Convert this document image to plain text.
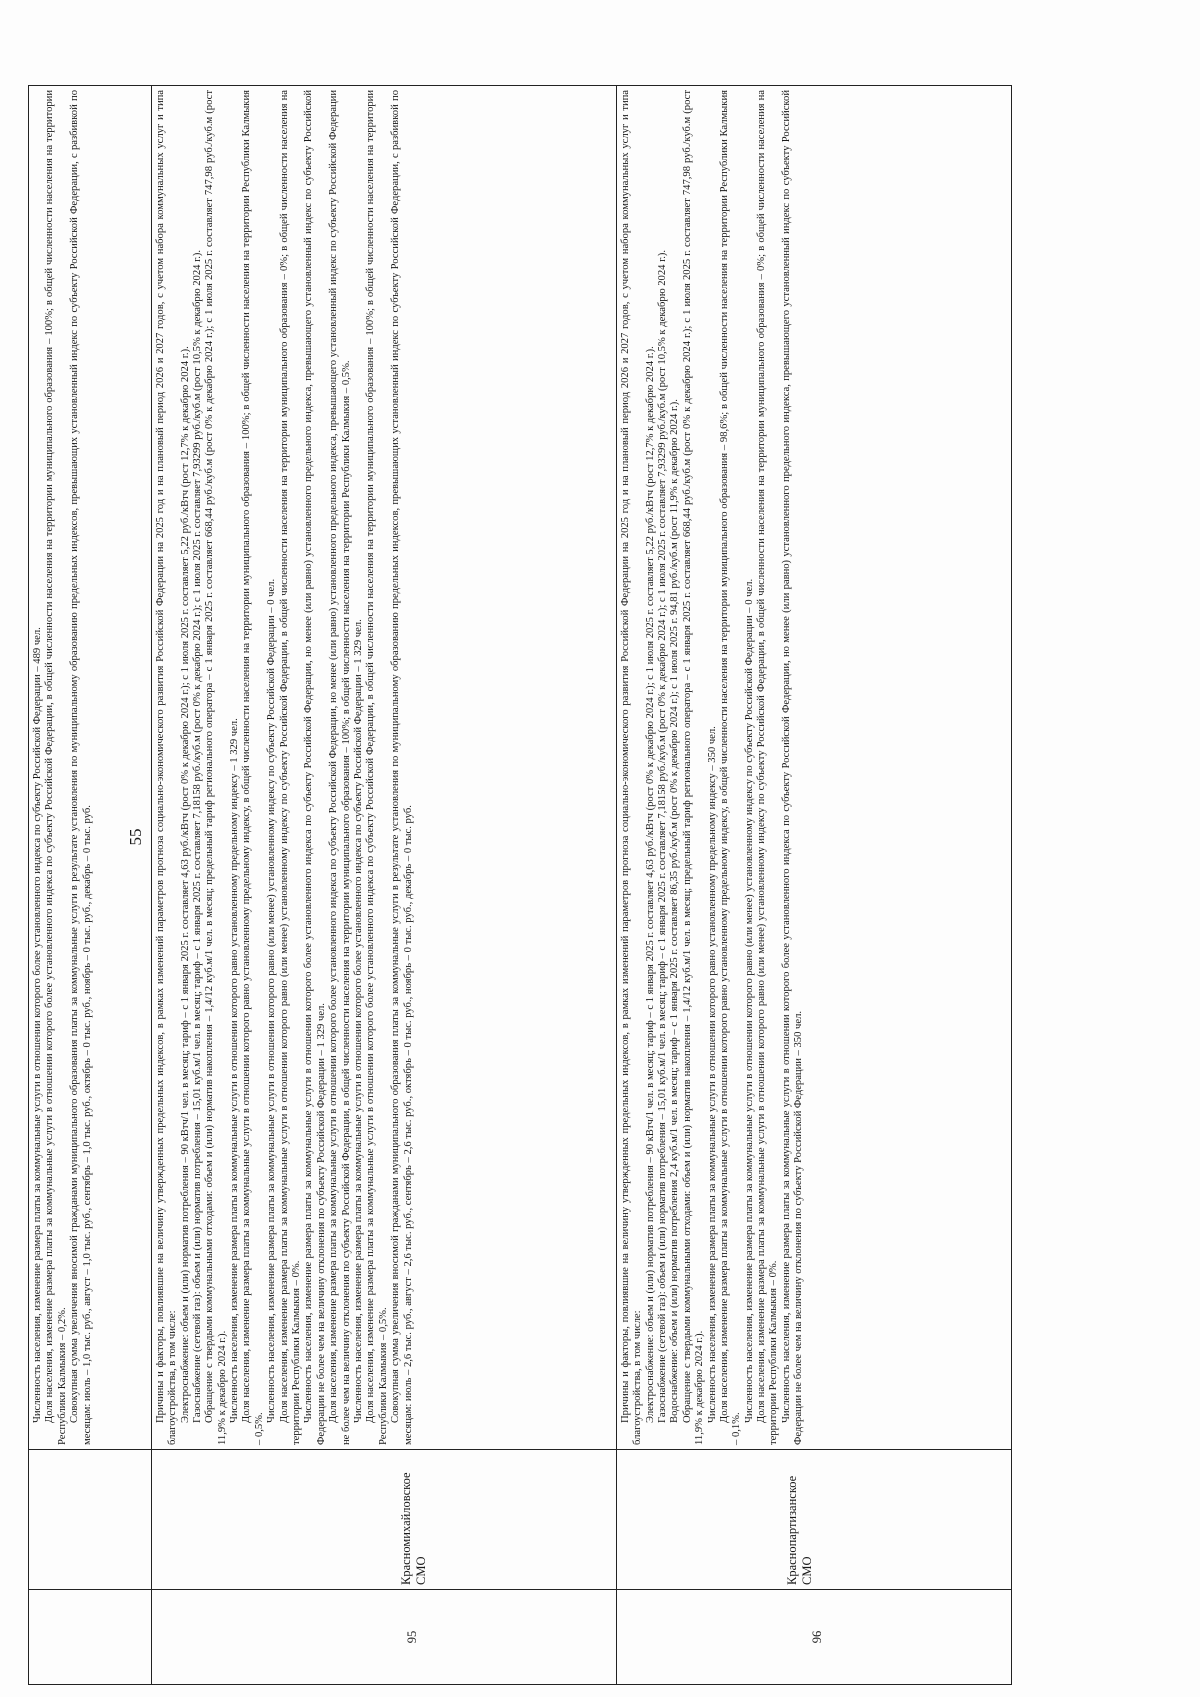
55

Численность населения, изменение размера платы за коммунальные услуги в отношении которого более установленного индекса по субъекту Российской Федерации – 489 чел. Доля населения, изменение размера платы за коммунальные услуги в отношении которого более установленного индекса по субъекту Российской Федерации, в общей численности населения на территории муниципального образования – 100%; в общей численности населения на территории Республики Калмыкия – 0,2%. Совокупная сумма увеличения вносимой гражданами муниципального образования платы за коммунальные услуги в результате установления по муниципальному образованию предельных индексов, превышающих установленный индекс по субъекту Российской Федерации, с разбивкой по месяцам: июль – 1,0 тыс. руб., август – 1,0 тыс. руб., сентябрь – 1,0 тыс. руб., октябрь – 0 тыс. руб., ноябрь – 0 тыс. руб., декабрь – 0 тыс. руб.

95
Красномихайловское СМО

Причины и факторы, повлиявшие на величину утвержденных предельных индексов, в рамках изменений параметров прогноза социально-экономического развития Российской Федерации на 2025 год и на плановый период 2026 и 2027 годов, с учетом набора коммунальных услуг и типа благоустройства, в том числе: Электроснабжение: объем и (или) норматив потребления – 90 кВтч/1 чел. в месяц; тариф – с 1 января 2025 г. составляет 4,63 руб./кВтч (рост 0% к декабрю 2024 г.); с 1 июля 2025 г. составляет 5,22 руб./кВтч (рост 12,7% к декабрю 2024 г.). Газоснабжение (сетевой газ): объем и (или) норматив потребления – 15,01 куб.м/1 чел. в месяц; тариф – с 1 января 2025 г. составляет 7,18158 руб./куб.м (рост 0% к декабрю 2024 г.); с 1 июля 2025 г. составляет 7,93299 руб./куб.м (рост 10,5% к декабрю 2024 г.). Обращение с твердыми коммунальными отходами: объем и (или) норматив накопления – 1,4/12 куб.м/1 чел. в месяц; предельный тариф регионального оператора – с 1 января 2025 г. составляет 668,44 руб./куб.м (рост 0% к декабрю 2024 г.); с 1 июля 2025 г. составляет 747,98 руб./куб.м (рост 11,9% к декабрю 2024 г.). Численность населения, изменение размера платы за коммунальные услуги в отношении которого равно установленному предельному индексу – 1 329 чел. Доля населения, изменение размера платы за коммунальные услуги в отношении которого равно установленному предельному индексу, в общей численности населения на территории муниципального образования – 100%; в общей численности населения на территории Республики Калмыкия – 0,5%.

Численность населения, изменение размера платы за коммунальные услуги в отношении которого равно (или менее) установленному индексу по субъекту Российской Федерации – 0 чел. Доля населения, изменение размера платы за коммунальные услуги в отношении которого равно (или менее) установленному индексу по субъекту Российской Федерации, в общей численности населения на территории муниципального образования – 0%; в общей численности населения на территории Республики Калмыкия – 0%. Численность населения, изменение размера платы за коммунальные услуги в отношении которого более установленного индекса по субъекту Российской Федерации, но менее (или равно) установленного предельного индекса, превышающего установленный индекс по субъекту Российской Федерации не более чем на величину отклонения по субъекту Российской Федерации – 1 329 чел. Доля населения, изменение размера платы за коммунальные услуги в отношении которого более установленного индекса по субъекту Российской Федерации, но менее (или равно) установленного предельного индекса, превышающего установленный индекс по субъекту Российской Федерации не более чем на величину отклонения по субъекту Российской Федерации, в общей численности населения на территории муниципального образования – 100%; в общей численности населения на территории Республики Калмыкия – 0,5%. Численность населения, изменение размера платы за коммунальные услуги в отношении которого более установленного индекса по субъекту Российской Федерации – 1 329 чел. Доля населения, изменение размера платы за коммунальные услуги в отношении которого более установленного индекса по субъекту Российской Федерации, в общей численности населения на территории муниципального образования – 100%; в общей численности населения на территории Республики Калмыкия – 0,5%. Совокупная сумма увеличения вносимой гражданами муниципального образования платы за коммунальные услуги в результате установления по муниципальному образованию предельных индексов, превышающих установленный индекс по субъекту Российской Федерации, с разбивкой по месяцам: июль – 2,6 тыс. руб., август – 2,6 тыс. руб., сентябрь – 2,6 тыс. руб., октябрь – 0 тыс. руб., ноябрь – 0 тыс. руб., декабрь – 0 тыс. руб.

96
Краснопартизанское СМО

Причины и факторы, повлиявшие на величину утвержденных предельных индексов, в рамках изменений параметров прогноза социально-экономического развития Российской Федерации на 2025 год и на плановый период 2026 и 2027 годов, с учетом набора коммунальных услуг и типа благоустройства, в том числе: Электроснабжение: объем и (или) норматив потребления – 90 кВтч/1 чел. в месяц; тариф – с 1 января 2025 г. составляет 4,63 руб./кВтч (рост 0% к декабрю 2024 г.); с 1 июля 2025 г. составляет 5,22 руб./кВтч (рост 12,7% к декабрю 2024 г.). Газоснабжение (сетевой газ): объем и (или) норматив потребления – 15,01 куб.м/1 чел. в месяц; тариф – с 1 января 2025 г. составляет 7,18158 руб./куб.м (рост 0% к декабрю 2024 г.); с 1 июля 2025 г. составляет 7,93299 руб./куб.м (рост 10,5% к декабрю 2024 г.). Водоснабжение: объем и (или) норматив потребления 2,4 куб.м/1 чел. в месяц; тариф – с 1 января 2025 г. составляет 86,35 руб./куб.м (рост 0% к декабрю 2024 г.); с 1 июля 2025 г. 94,81 руб./куб.м (рост 11,9% к декабрю 2024 г.). Обращение с твердыми коммунальными отходами: объем и (или) норматив накопления – 1,4/12 куб.м/1 чел. в месяц; предельный тариф регионального оператора – с 1 января 2025 г. составляет 668,44 руб./куб.м (рост 0% к декабрю 2024 г.); с 1 июля 2025 г. составляет 747,98 руб./куб.м (рост 11,9% к декабрю 2024 г.). Численность населения, изменение размера платы за коммунальные услуги в отношении которого равно установленному предельному индексу – 350 чел. Доля населения, изменение размера платы за коммунальные услуги в отношении которого равно установленному предельному индексу, в общей численности населения на территории муниципального образования – 98,6%; в общей численности населения на территории Республики Калмыкия – 0,1%.

Численность населения, изменение размера платы за коммунальные услуги в отношении которого равно (или менее) установленному индексу по субъекту Российской Федерации – 0 чел. Доля населения, изменение размера платы за коммунальные услуги в отношении которого равно (или менее) установленному индексу по субъекту Российской Федерации, в общей численности населения на территории муниципального образования – 0%; в общей численности населения на территории Республики Калмыкия – 0%. Численность населения, изменение размера платы за коммунальные услуги в отношении которого более установленного индекса по субъекту Российской Федерации, но менее (или равно) установленного предельного индекса, превышающего установленный индекс по субъекту Российской Федерации не более чем на величину отклонения по субъекту Российской Федерации – 350 чел.
